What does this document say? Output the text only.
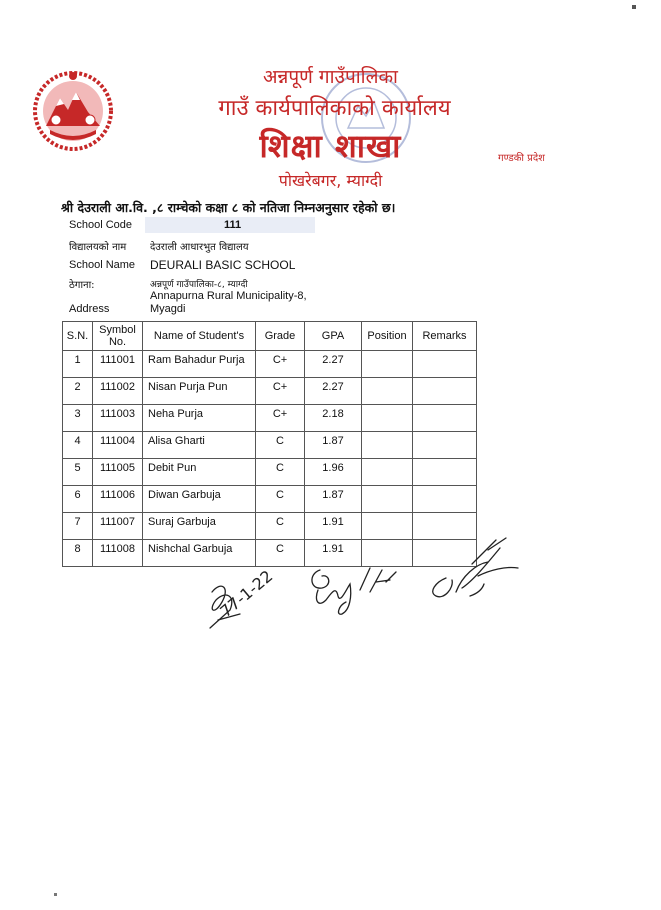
अन्नपूर्ण गाउँपालिका
गाउँ कार्यपालिकाको कार्यालय
शिक्षा शाखा
पोखरेबगर, म्याग्दी
गण्डकी प्रदेश
श्री देउराली आ.वि. ,८ राम्चेको कक्षा ८ को नतिजा निम्नअनुसार रहेको छ।
School Code	111
विद्यालयको नाम देउराली आधारभुत विद्यालय
School Name DEURALI BASIC SCHOOL
ठेगाना:	अन्नपूर्ण गाउँपालिका-८, म्याग्दी
Annapurna Rural Municipality-8,
Address	Myagdi
S.N.	Symbol No.	Name of Student's	Grade	GPA	Position	Remarks
1	111001	Ram Bahadur Purja	C+	2.27		
2	111002	Nisan Purja Pun	C+	2.27		
3	111003	Neha Purja	C+	2.18		
4	111004	Alisa Gharti	C	1.87		
5	111005	Debit Pun	C	1.96		
6	111006	Diwan Garbuja	C	1.87		
7	111007	Suraj Garbuja	C	1.91		
8	111008	Nishchal Garbuja	C	1.91		
77-1-22
